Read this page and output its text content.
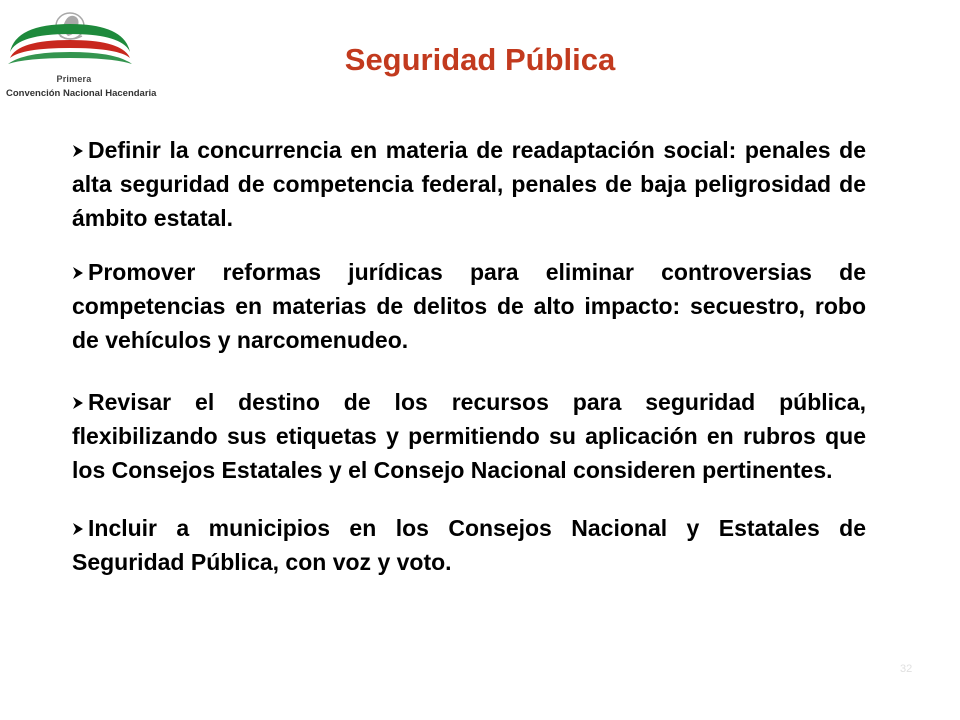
Primera
Convención Nacional Hacendaria
Seguridad Pública
Definir la concurrencia en materia de readaptación social: penales de alta seguridad de competencia federal, penales de baja peligrosidad de ámbito estatal.
Promover reformas jurídicas para eliminar controversias de competencias en materias de delitos de alto impacto: secuestro, robo de vehículos y narcomenudeo.
Revisar el destino de los recursos para seguridad pública, flexibilizando sus etiquetas y permitiendo su aplicación en rubros que los Consejos Estatales y el Consejo Nacional consideren pertinentes.
Incluir a municipios en los Consejos Nacional y Estatales de Seguridad Pública, con voz y voto.
32
